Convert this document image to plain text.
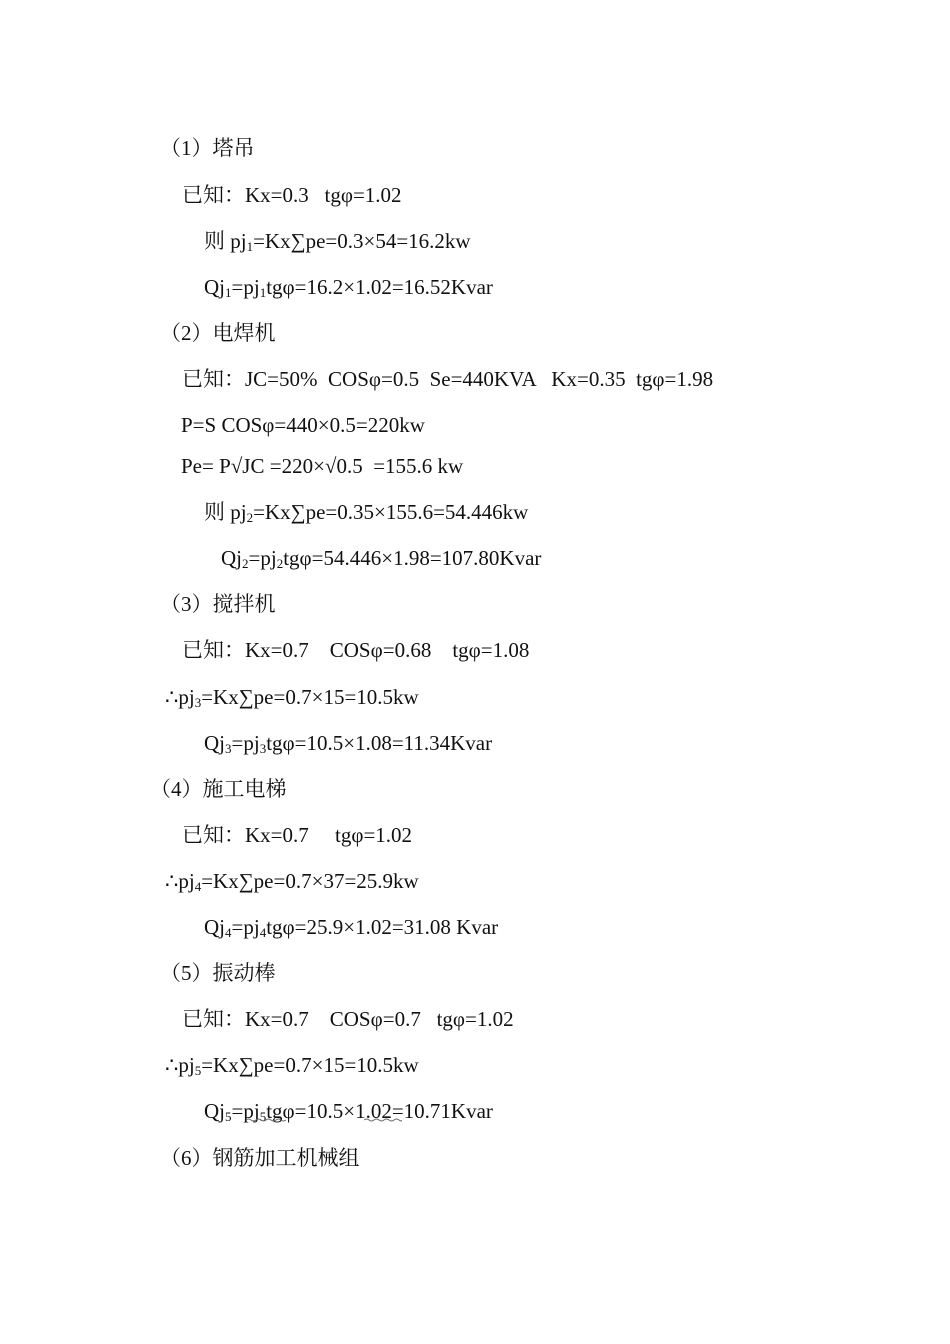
（1）塔吊
已知：Kx=0.3   tgφ=1.02
则 $pj_1=Kx\sum pe=0.3\times 54=16.2kw$
$Qj_1=pj_1tg\varphi=16.2\times 1.02=16.52Kvar$
（2）电焊机
已知：JC=50%  COSφ=0.5  Se=440KVA   Kx=0.35  tgφ=1.98
P=S COSφ=440×0.5=220kw
Pe= P√JC =220×√0.5  =155.6 kw
则 $pj_2=Kx\sum pe=0.35\times 155.6=54.446kw$
$Qj_2=pj_2tg\varphi=54.446\times 1.98=107.80Kvar$
（3）搅拌机
已知：Kx=0.7    COSφ=0.68    tgφ=1.08
$\therefore pj_3=Kx\sum pe=0.7\times 15=10.5kw$
$Qj_3=pj_3tg\varphi=10.5\times 1.08=11.34Kvar$
（4）施工电梯
已知：Kx=0.7     tgφ=1.02
$\therefore pj_4=Kx\sum pe=0.7\times 37=25.9kw$
$Qj_4=pj_4tg\varphi=25.9\times 1.02=31.08$ Kvar
（5）振动棒
已知：Kx=0.7    COSφ=0.7   tgφ=1.02
$\therefore pj_5=Kx\sum pe=0.7\times 15=10.5kw$
$Qj_5=pj_5tg\varphi=10.5\times 1.02=10.71Kvar$
（6）钢筋加工机械组
